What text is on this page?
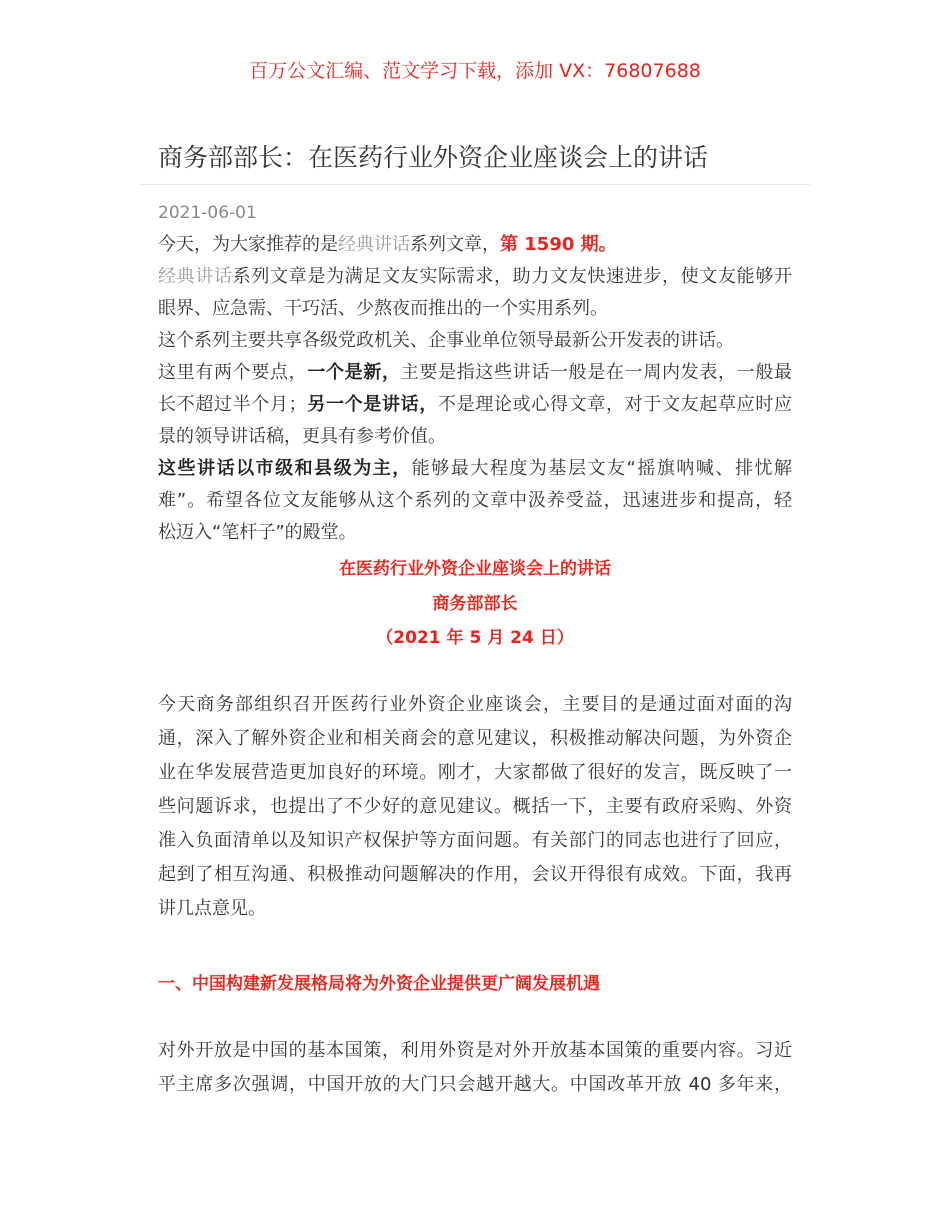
百万公文汇编、范文学习下载，添加 VX：76807688
商务部部长：在医药行业外资企业座谈会上的讲话
2021-06-01
今天，为大家推荐的是经典讲话系列文章，第 1590 期。
经典讲话系列文章是为满足文友实际需求，助力文友快速进步，使文友能够开
眼界、应急需、干巧活、少熬夜而推出的一个实用系列。
这个系列主要共享各级党政机关、企事业单位领导最新公开发表的讲话。
这里有两个要点，一个是新，主要是指这些讲话一般是在一周内发表，一般最
长不超过半个月；另一个是讲话，不是理论或心得文章，对于文友起草应时应
景的领导讲话稿，更具有参考价值。
这些讲话以市级和县级为主，能够最大程度为基层文友“摇旗呐喊、排忧解
难”。希望各位文友能够从这个系列的文章中汲养受益，迅速进步和提高，轻
松迈入“笔杆子”的殿堂。
在医药行业外资企业座谈会上的讲话
商务部部长
（2021 年 5 月 24 日）
今天商务部组织召开医药行业外资企业座谈会，主要目的是通过面对面的沟
通，深入了解外资企业和相关商会的意见建议，积极推动解决问题，为外资企
业在华发展营造更加良好的环境。刚才，大家都做了很好的发言，既反映了一
些问题诉求，也提出了不少好的意见建议。概括一下，主要有政府采购、外资
准入负面清单以及知识产权保护等方面问题。有关部门的同志也进行了回应，
起到了相互沟通、积极推动问题解决的作用，会议开得很有成效。下面，我再
讲几点意见。
一、中国构建新发展格局将为外资企业提供更广阔发展机遇
对外开放是中国的基本国策，利用外资是对外开放基本国策的重要内容。习近
平主席多次强调，中国开放的大门只会越开越大。中国改革开放 40 多年来，
